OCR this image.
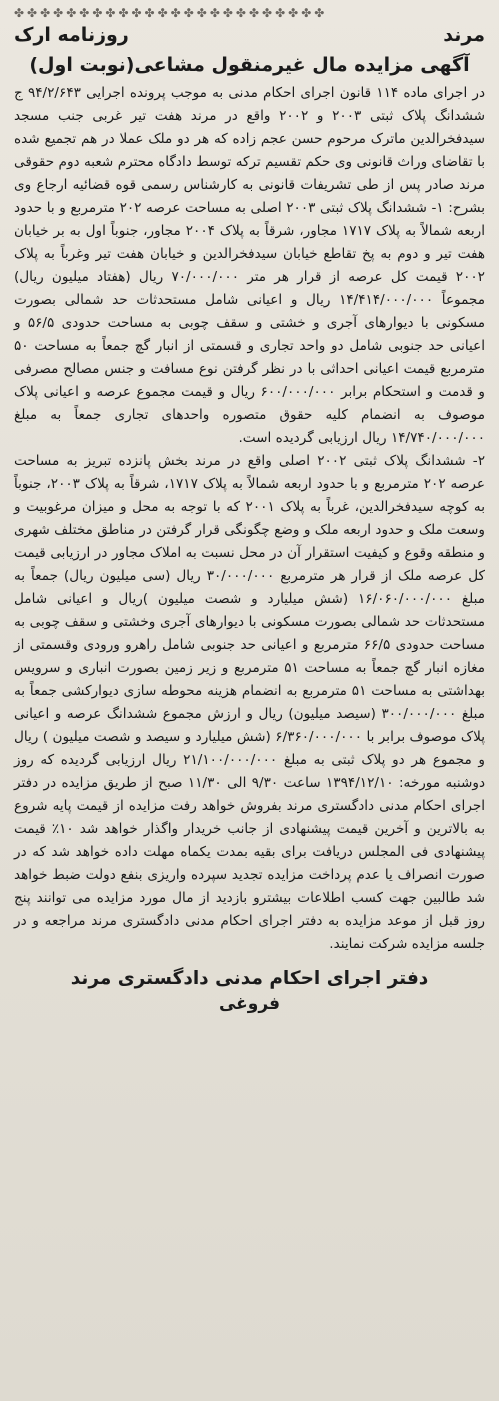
✤✤✤✤✤✤✤✤✤✤✤✤✤✤✤✤✤✤✤✤✤✤✤✤
مرند
روزنامه ارک
آگهی مزایده مال غیرمنقول مشاعی(نوبت اول)

در اجرای ماده ۱۱۴ قانون اجرای احکام مدنی به موجب پرونده اجرایی ۹۴/۲/۶۴۳ ج ششدانگ پلاک ثبتی ۲۰۰۳ و ۲۰۰۲ واقع در مرند هفت تیر غربی جنب مسجد سیدفخرالدین ماترک مرحوم حسن عجم زاده که هر دو ملک عملا در هم تجمیع شده با تقاضای وراث قانونی وی حکم تقسیم ترکه توسط دادگاه محترم شعبه دوم حقوقی مرند صادر پس از طی تشریفات قانونی به کارشناس رسمی قوه قضائیه ارجاع وی بشرح: ۱- ششدانگ پلاک ثبتی ۲۰۰۳ اصلی به مساحت عرصه ۲۰۲ مترمربع و با حدود اربعه شمالاً به پلاک ۱۷۱۷ مجاور، شرقاً به پلاک ۲۰۰۴ مجاور، جنوباً اول به بر خیابان هفت تیر و دوم به پخ تقاطع خیابان سیدفخرالدین و خیابان هفت تیر وغرباً به پلاک ۲۰۰۲ قیمت کل عرصه از قرار هر متر ۷۰/۰۰۰/۰۰۰ ریال (هفتاد میلیون ریال) مجموعاً ۱۴/۴۱۴/۰۰۰/۰۰۰ ریال و اعیانی شامل مستحدثات حد شمالی بصورت مسکونی با دیوارهای آجری و خشتی و سقف چوبی به مساحت حدودی ۵۶/۵ و اعیانی حد جنوبی شامل دو واحد تجاری و قسمتی از انبار گچ جمعاً به مساحت ۵۰ مترمربع قیمت اعیانی احداثی با در نظر گرفتن نوع مسافت و جنس مصالح مصرفی و قدمت و استحکام برابر ۶۰۰/۰۰۰/۰۰۰ ریال و قیمت مجموع عرصه و اعیانی پلاک موصوف به انضمام کلیه حقوق متصوره واحدهای تجاری جمعاً به مبلغ ۱۴/۷۴۰/۰۰۰/۰۰۰ ریال ارزیابی گردیده است.

۲- ششدانگ پلاک ثبتی ۲۰۰۲ اصلی واقع در مرند بخش پانزده تبریز به مساحت عرصه ۲۰۲ مترمربع و با حدود اربعه شمالاً به پلاک ۱۷۱۷، شرقاً به پلاک ۲۰۰۳، جنوباً به کوچه سیدفخرالدین، غرباً به پلاک ۲۰۰۱ که با توجه به محل و میزان مرغوبیت و وسعت ملک و حدود اربعه ملک و وضع چگونگی قرار گرفتن در مناطق مختلف شهری و منطقه وقوع و کیفیت استقرار آن در محل نسبت به املاک مجاور در ارزیابی قیمت کل عرصه ملک از قرار هر مترمربع ۳۰/۰۰۰/۰۰۰ ریال (سی میلیون ریال) جمعاً به مبلغ ۱۶/۰۶۰/۰۰۰/۰۰۰ (شش میلیارد و شصت میلیون )ریال و اعیانی شامل مستحدثات حد شمالی بصورت مسکونی با دیوارهای آجری وخشتی و سقف چوبی به مساحت حدودی ۶۶/۵ مترمربع و اعیانی حد جنوبی شامل راهرو ورودی وقسمتی از مغازه انبار گچ جمعاً به مساحت ۵۱ مترمربع و زیر زمین بصورت انباری و سرویس بهداشتی به مساحت ۵۱ مترمربع به انضمام هزینه محوطه سازی دیوارکشی جمعاً به مبلغ ۳۰۰/۰۰۰/۰۰۰ (سیصد میلیون) ریال و ارزش مجموع ششدانگ عرصه و اعیانی پلاک موصوف برابر با ۶/۳۶۰/۰۰۰/۰۰۰ (شش میلیارد و سیصد و شصت میلیون ) ریال و مجموع هر دو پلاک ثبتی به مبلغ ۲۱/۱۰۰/۰۰۰/۰۰۰ ریال ارزیابی گردیده که روز دوشنبه مورخه: ۱۳۹۴/۱۲/۱۰ ساعت ۹/۳۰ الی ۱۱/۳۰ صبح از طریق مزایده در دفتر اجرای احکام مدنی دادگستری مرند بفروش خواهد رفت مزایده از قیمت پایه شروع به بالاترین و آخرین قیمت پیشنهادی از جانب خریدار واگذار خواهد شد ۱۰٪ قیمت پیشنهادی فی المجلس دریافت برای بقیه بمدت یکماه مهلت داده خواهد شد که در صورت انصراف یا عدم پرداخت مزایده تجدید سپرده واریزی بنفع دولت ضبط خواهد شد طالبین جهت کسب اطلاعات بیشترو بازدید از مال مورد مزایده می توانند پنج روز قبل از موعد مزایده به دفتر اجرای احکام مدنی دادگستری مرند مراجعه و در جلسه مزایده شرکت نمایند.

دفتر اجرای احکام مدنی دادگستری مرند
فروغی
